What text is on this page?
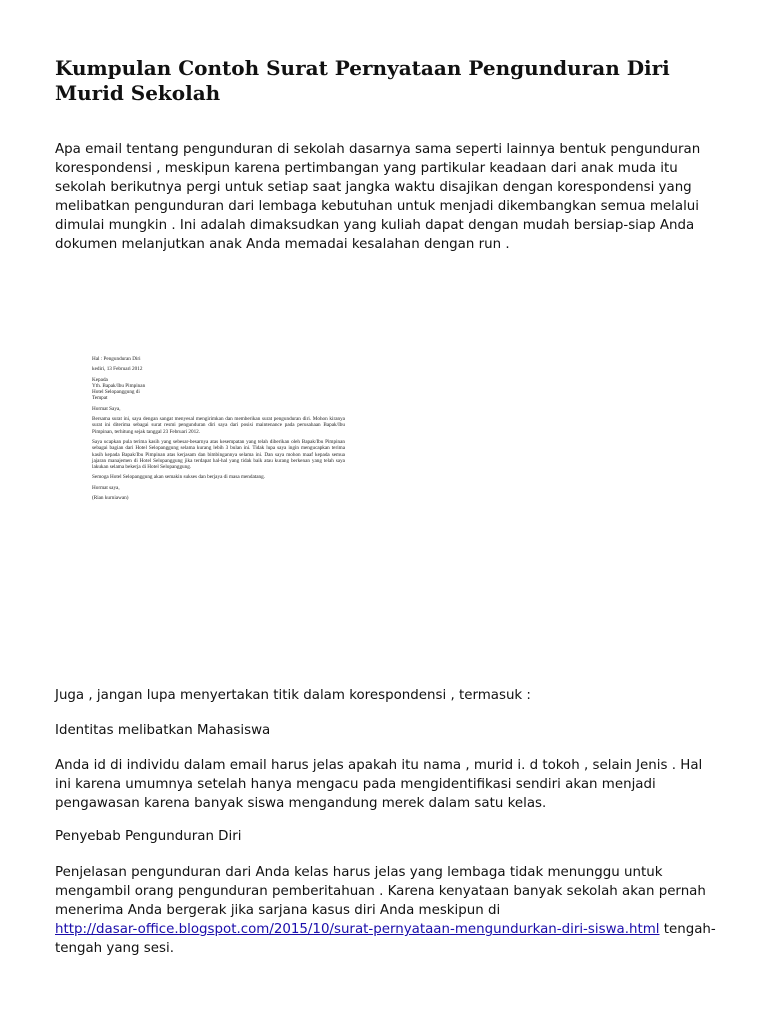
Kumpulan Contoh Surat Pernyataan Pengunduran Diri Murid Sekolah

Apa email tentang pengunduran di sekolah dasarnya sama seperti lainnya bentuk pengunduran korespondensi , meskipun karena pertimbangan yang partikular keadaan dari anak muda itu sekolah berikutnya pergi untuk setiap saat jangka waktu disajikan dengan korespondensi yang melibatkan pengunduran dari lembaga kebutuhan untuk menjadi dikembangkan semua melalui dimulai mungkin . Ini adalah dimaksudkan yang kuliah dapat dengan mudah bersiap-siap Anda dokumen melanjutkan anak Anda memadai kesalahan dengan run .

Hal : Pengunduran Diri
kediri, 13 Februari 2012
Kepada
Yth. Bapak/Ibu Pimpinan
Hotel Selopanggung di
Tempat
Hormat Saya,
Bersama surat ini, saya dengan sangat menyesal mengirimkan dan memberikan surat pengunduran diri. Mohon kiranya surat ini diterima sebagai surat resmi pengunduran diri saya dari posisi maintenance pada perusahaan Bapak/Ibu Pimpinan, terhitung sejak tanggal 23 Februari 2012.
Saya ucapkan pula terima kasih yang sebesar-besarnya atas kesempatan yang telah diberikan oleh Bapak/Ibu Pimpinan sebagai bagian dari Hotel Selopanggung selama kurang lebih 3 bulan ini. Tidak lupa saya ingin mengucapkan terima kasih kepada Bapak/Ibu Pimpinan atas kerjasam dan bimbingannya selama ini. Dan saya mohon maaf kepada semua jajaran manajemen di Hotel Selopanggung jika terdapat hal-hal yang tidak baik atau kurang berkenan yang telah saya lakukan selama bekerja di Hotel Selopanggung.
Semoga Hotel Selopanggung akan semakin sukses dan berjaya di masa mendatang.
Hormat saya,
(Rian kurniawan)

Juga , jangan lupa menyertakan titik dalam korespondensi , termasuk :

Identitas melibatkan Mahasiswa

Anda id di individu dalam email harus jelas apakah itu nama , murid i. d tokoh , selain Jenis . Hal ini karena umumnya setelah hanya mengacu pada mengidentifikasi sendiri akan menjadi pengawasan karena banyak siswa mengandung merek dalam satu kelas.

Penyebab Pengunduran Diri

Penjelasan pengunduran dari Anda kelas harus jelas yang lembaga tidak menunggu untuk mengambil orang pengunduran pemberitahuan . Karena kenyataan banyak sekolah akan pernah menerima Anda bergerak jika sarjana kasus diri Anda meskipun di
http://dasar-office.blogspot.com/2015/10/surat-pernyataan-mengundurkan-diri-siswa.html tengah-tengah yang sesi.
